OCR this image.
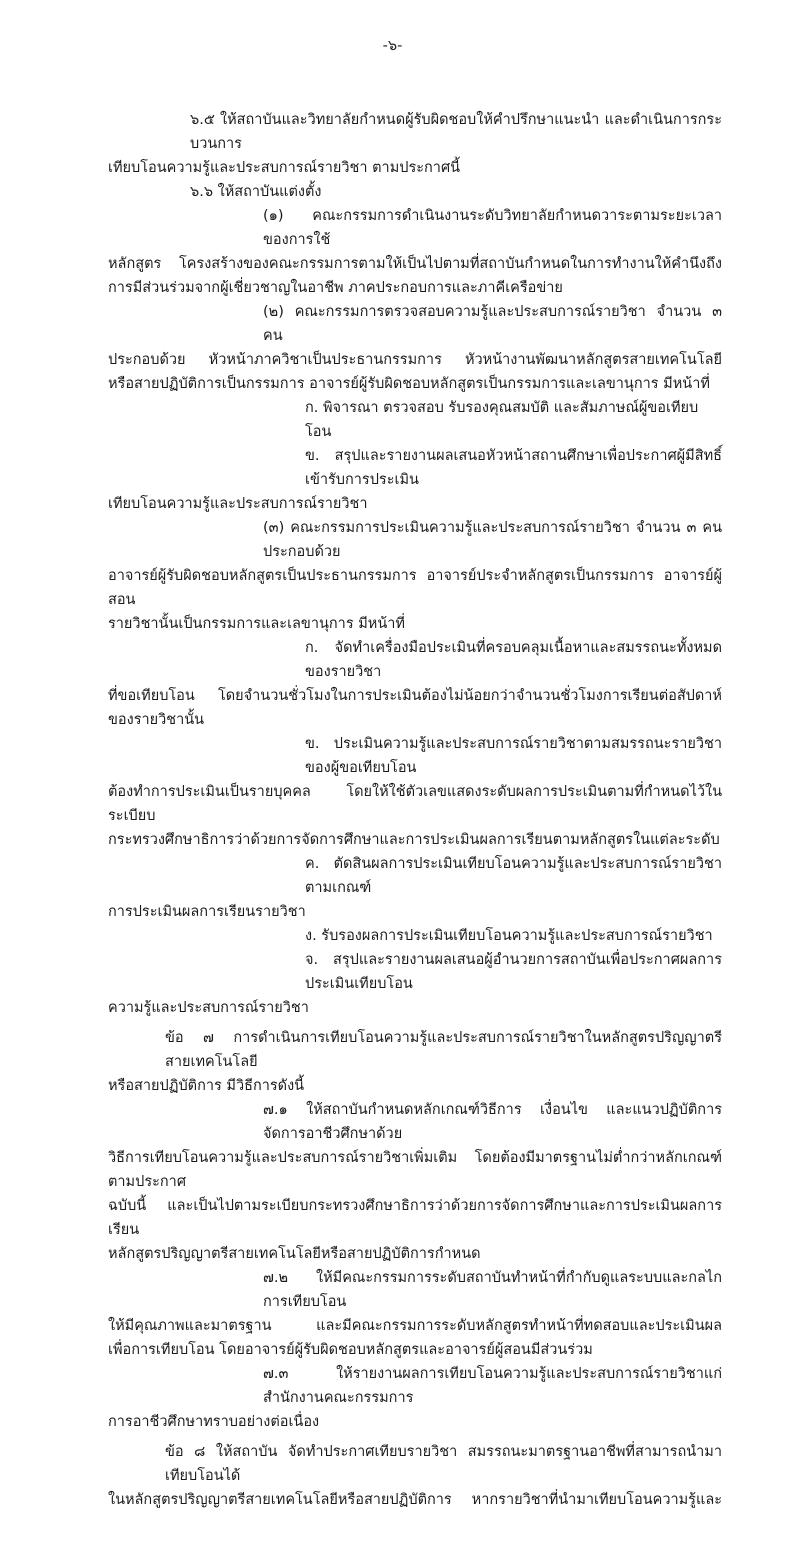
-๖-
๖.๕ ให้สถาบันและวิทยาลัยกำหนดผู้รับผิดชอบให้คำปรึกษาแนะนำ และดำเนินการกระบวนการ
เทียบโอนความรู้และประสบการณ์รายวิชา ตามประกาศนี้
๖.๖ ให้สถาบันแต่งตั้ง
(๑) คณะกรรมการดำเนินงานระดับวิทยาลัยกำหนดวาระตามระยะเวลาของการใช้
หลักสูตร โครงสร้างของคณะกรรมการตามให้เป็นไปตามที่สถาบันกำหนดในการทำงานให้คำนึงถึง
การมีส่วนร่วมจากผู้เชี่ยวชาญในอาชีพ ภาคประกอบการและภาคีเครือข่าย
(๒) คณะกรรมการตรวจสอบความรู้และประสบการณ์รายวิชา จำนวน ๓ คน
ประกอบด้วย หัวหน้าภาควิชาเป็นประธานกรรมการ หัวหน้างานพัฒนาหลักสูตรสายเทคโนโลยี
หรือสายปฏิบัติการเป็นกรรมการ อาจารย์ผู้รับผิดชอบหลักสูตรเป็นกรรมการและเลขานุการ มีหน้าที่
ก. พิจารณา ตรวจสอบ รับรองคุณสมบัติ และสัมภาษณ์ผู้ขอเทียบโอน
ข. สรุปและรายงานผลเสนอหัวหน้าสถานศึกษาเพื่อประกาศผู้มีสิทธิ์เข้ารับการประเมิน
เทียบโอนความรู้และประสบการณ์รายวิชา
(๓) คณะกรรมการประเมินความรู้และประสบการณ์รายวิชา จำนวน ๓ คน ประกอบด้วย
อาจารย์ผู้รับผิดชอบหลักสูตรเป็นประธานกรรมการ อาจารย์ประจำหลักสูตรเป็นกรรมการ อาจารย์ผู้สอน
รายวิชานั้นเป็นกรรมการและเลขานุการ มีหน้าที่
ก. จัดทำเครื่องมือประเมินที่ครอบคลุมเนื้อหาและสมรรถนะทั้งหมดของรายวิชา
ที่ขอเทียบโอน โดยจำนวนชั่วโมงในการประเมินต้องไม่น้อยกว่าจำนวนชั่วโมงการเรียนต่อสัปดาห์ของรายวิชานั้น
ข. ประเมินความรู้และประสบการณ์รายวิชาตามสมรรถนะรายวิชาของผู้ขอเทียบโอน
ต้องทำการประเมินเป็นรายบุคคล โดยให้ใช้ตัวเลขแสดงระดับผลการประเมินตามที่กำหนดไว้ในระเบียบ
กระทรวงศึกษาธิการว่าด้วยการจัดการศึกษาและการประเมินผลการเรียนตามหลักสูตรในแต่ละระดับ
ค. ตัดสินผลการประเมินเทียบโอนความรู้และประสบการณ์รายวิชาตามเกณฑ์
การประเมินผลการเรียนรายวิชา
ง. รับรองผลการประเมินเทียบโอนความรู้และประสบการณ์รายวิชา
จ. สรุปและรายงานผลเสนอผู้อำนวยการสถาบันเพื่อประกาศผลการประเมินเทียบโอน
ความรู้และประสบการณ์รายวิชา
ข้อ ๗ การดำเนินการเทียบโอนความรู้และประสบการณ์รายวิชาในหลักสูตรปริญญาตรี สายเทคโนโลยี
หรือสายปฏิบัติการ มีวิธีการดังนี้
๗.๑ ให้สถาบันกำหนดหลักเกณฑ์วิธีการ เงื่อนไข และแนวปฏิบัติการจัดการอาชีวศึกษาด้วย
วิธีการเทียบโอนความรู้และประสบการณ์รายวิชาเพิ่มเติม โดยต้องมีมาตรฐานไม่ต่ำกว่าหลักเกณฑ์ตามประกาศ
ฉบับนี้ และเป็นไปตามระเบียบกระทรวงศึกษาธิการว่าด้วยการจัดการศึกษาและการประเมินผลการเรียน
หลักสูตรปริญญาตรีสายเทคโนโลยีหรือสายปฏิบัติการกำหนด
๗.๒ ให้มีคณะกรรมการระดับสถาบันทำหน้าที่กำกับดูแลระบบและกลไกการเทียบโอน
ให้มีคุณภาพและมาตรฐาน และมีคณะกรรมการระดับหลักสูตรทำหน้าที่ทดสอบและประเมินผล
เพื่อการเทียบโอน โดยอาจารย์ผู้รับผิดชอบหลักสูตรและอาจารย์ผู้สอนมีส่วนร่วม
๗.๓ ให้รายงานผลการเทียบโอนความรู้และประสบการณ์รายวิชาแก่สำนักงานคณะกรรมการ
การอาชีวศึกษาทราบอย่างต่อเนื่อง
ข้อ ๘ ให้สถาบัน จัดทำประกาศเทียบรายวิชา สมรรถนะมาตรฐานอาชีพที่สามารถนำมาเทียบโอนได้
ในหลักสูตรปริญญาตรีสายเทคโนโลยีหรือสายปฏิบัติการ หากรายวิชาที่นำมาเทียบโอนความรู้และ
